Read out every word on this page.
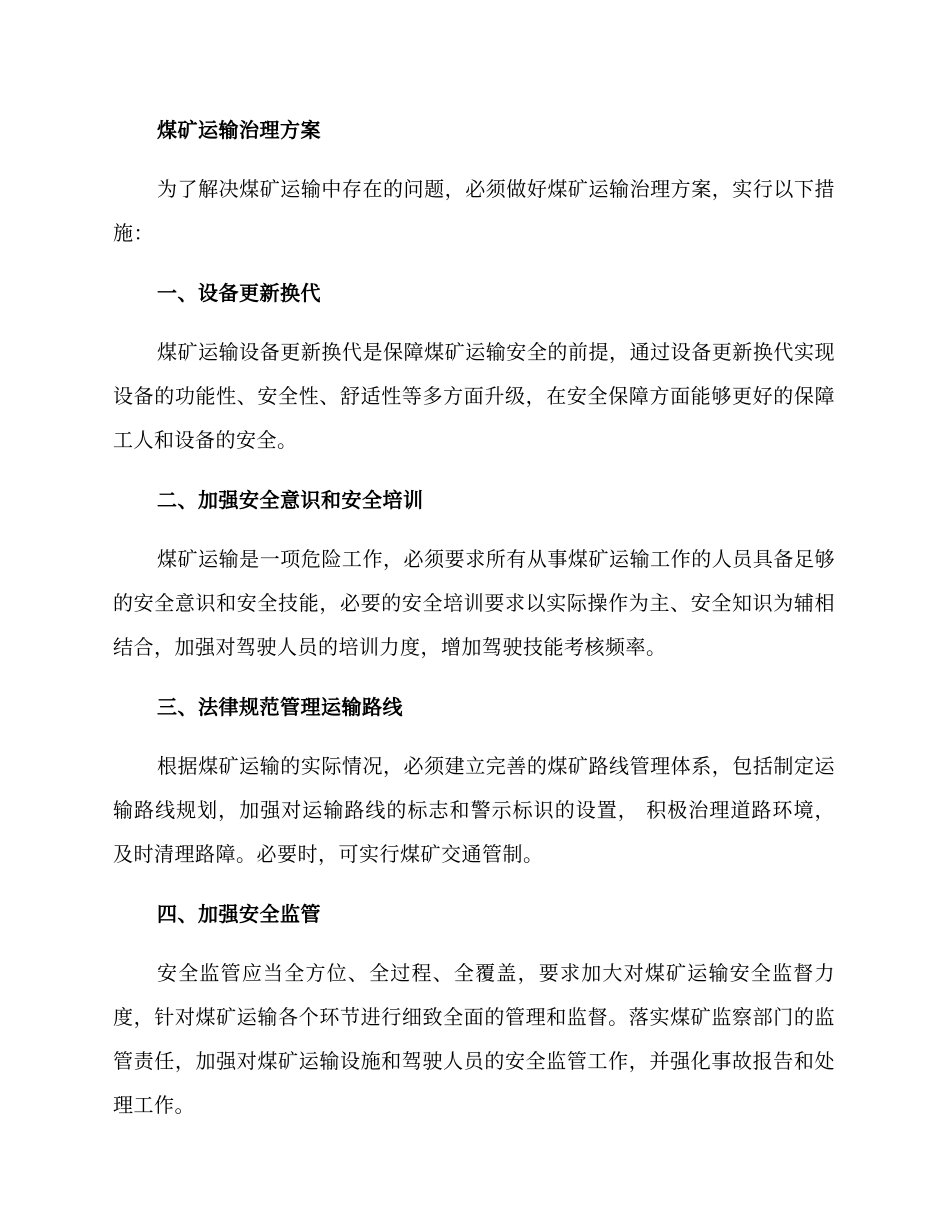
煤矿运输治理方案

为了解决煤矿运输中存在的问题，必须做好煤矿运输治理方案，实行以下措施：

一、设备更新换代

煤矿运输设备更新换代是保障煤矿运输安全的前提，通过设备更新换代实现设备的功能性、安全性、舒适性等多方面升级，在安全保障方面能够更好的保障工人和设备的安全。

二、加强安全意识和安全培训

煤矿运输是一项危险工作，必须要求所有从事煤矿运输工作的人员具备足够的安全意识和安全技能，必要的安全培训要求以实际操作为主、安全知识为辅相结合，加强对驾驶人员的培训力度，增加驾驶技能考核频率。

三、法律规范管理运输路线

根据煤矿运输的实际情况，必须建立完善的煤矿路线管理体系，包括制定运输路线规划，加强对运输路线的标志和警示标识的设置， 积极治理道路环境，及时清理路障。必要时，可实行煤矿交通管制。

四、加强安全监管

安全监管应当全方位、全过程、全覆盖，要求加大对煤矿运输安全监督力度，针对煤矿运输各个环节进行细致全面的管理和监督。落实煤矿监察部门的监管责任，加强对煤矿运输设施和驾驶人员的安全监管工作，并强化事故报告和处理工作。
